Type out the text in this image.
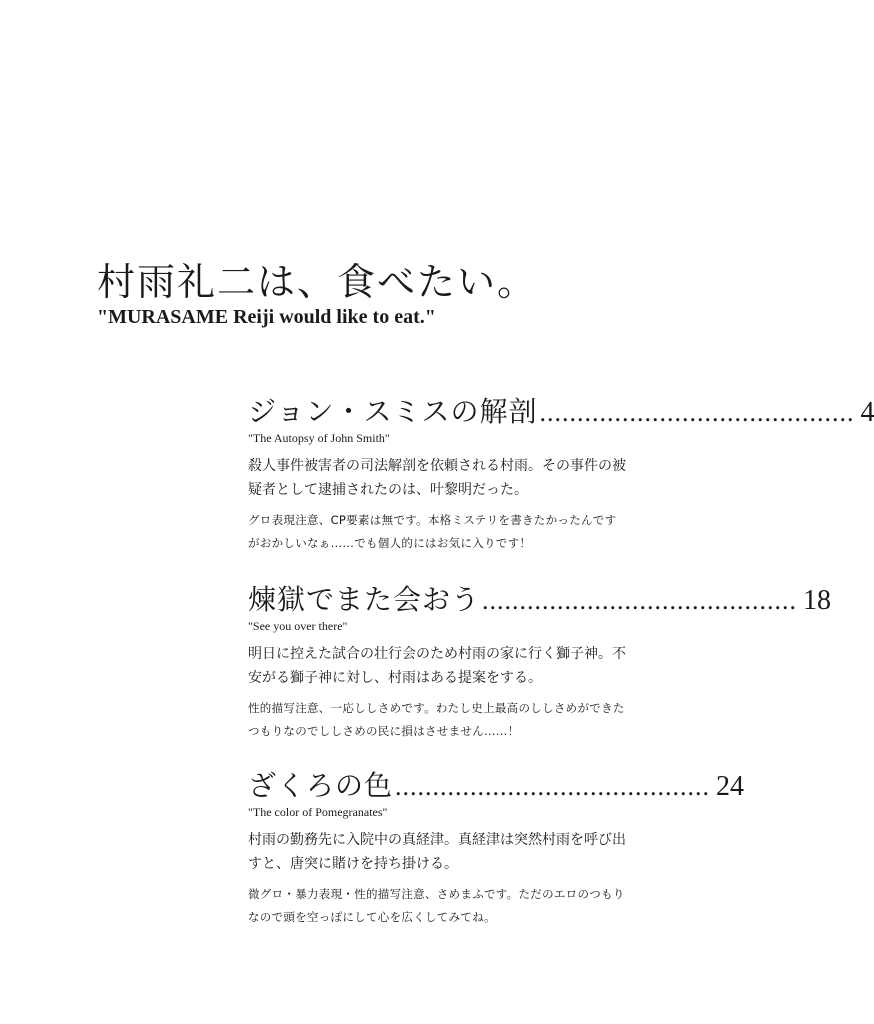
村雨礼二は、食べたい。
"MURASAME Reiji would like to eat."
ジョン・スミスの解剖 .......................................... 4
"The Autopsy of John Smith"
殺人事件被害者の司法解剖を依頼される村雨。その事件の被疑者として逮捕されたのは、叶黎明だった。
グロ表現注意、CP要素は無です。本格ミステリを書きたかったんですがおかしいなぁ……でも個人的にはお気に入りです！
煉獄でまた会おう .......................................... 18
"See you over there"
明日に控えた試合の壮行会のため村雨の家に行く獅子神。不安がる獅子神に対し、村雨はある提案をする。
性的描写注意、一応ししさめです。わたし史上最高のししさめができたつもりなのでししさめの民に損はさせません……！
ざくろの色 .......................................... 24
"The color of Pomegranates"
村雨の勤務先に入院中の真経津。真経津は突然村雨を呼び出すと、唐突に賭けを持ち掛ける。
微グロ・暴力表現・性的描写注意、さめまふです。ただのエロのつもりなので頭を空っぽにして心を広くしてみてね。
